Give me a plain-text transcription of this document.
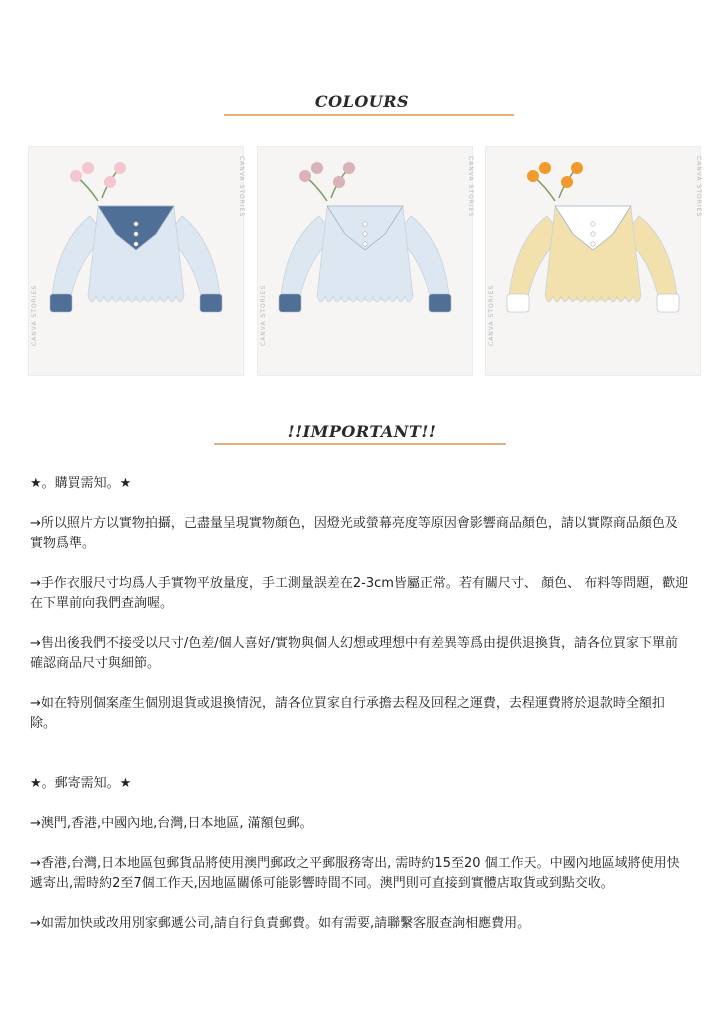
COLOURS
CANVA STORIES
CANVA STORIES
CANVA STORIES
CANVA STORIES
CANVA STORIES
CANVA STORIES
!!IMPORTANT!!

★。購買需知。★

→所以照片方以實物拍攝，己盡量呈現實物顏色，因燈光或螢幕亮度等原因會影響商品顏色，請以實際商品顏色及實物爲準。

→手作衣服尺寸均爲人手實物平放量度，手工測量誤差在2-3cm皆屬正常。若有關尺寸、 顏色、 布料等問題，歡迎在下單前向我們查詢喔。

→售出後我們不接受以尺寸/色差/個人喜好/實物與個人幻想或理想中有差異等爲由提供退換貨，請各位買家下單前確認商品尺寸與細節。

→如在特別個案產生個別退貨或退換情況，請各位買家自行承擔去程及回程之運費，去程運費將於退款時全額扣除。

★。郵寄需知。★

→澳門,香港,中國內地,台灣,日本地區, 滿額包郵。

→香港,台灣,日本地區包郵貨品將使用澳門郵政之平郵服務寄出, 需時約15至20 個工作天。中國內地區域將使用快遞寄出,需時約2至7個工作天,因地區關係可能影響時間不同。澳門則可直接到實體店取貨或到點交收。

→如需加快或改用別家郵遞公司,請自行負責郵費。如有需要,請聯繫客服查詢相應費用。
